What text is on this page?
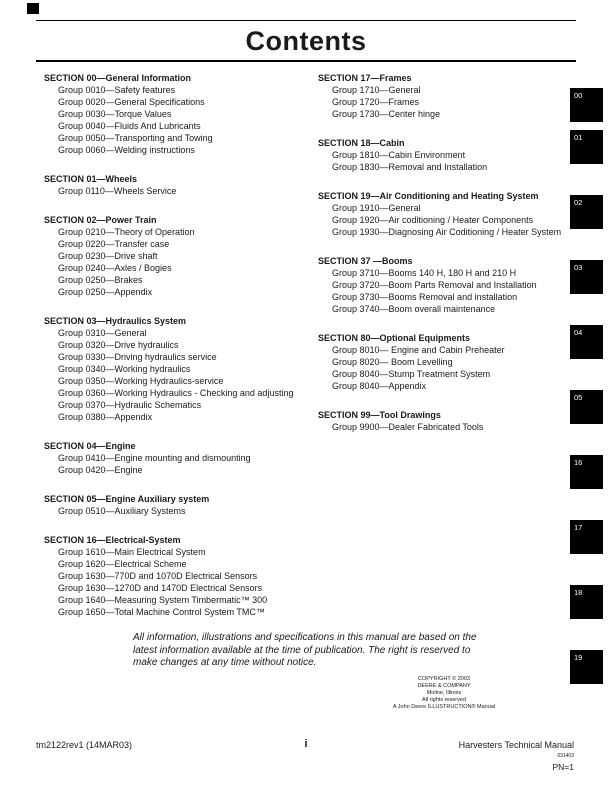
Contents
SECTION 00—General Information
Group 0010—Safety features
Group 0020—General Specifications
Group 0030—Torque Values
Group 0040—Fluids And Lubricants
Group 0050—Transporting and Towing
Group 0060—Welding instructions
SECTION 01—Wheels
Group 0110—Wheels Service
SECTION 02—Power Train
Group 0210—Theory of Operation
Group 0220—Transfer case
Group 0230—Drive shaft
Group 0240—Axles / Bogies
Group 0250—Brakes
Group 0250—Appendix
SECTION 03—Hydraulics System
Group 0310—General
Group 0320—Drive hydraulics
Group 0330—Driving hydraulics service
Group 0340—Working hydraulics
Group 0350—Working Hydraulics-service
Group 0360—Working Hydraulics - Checking and adjusting
Group 0370—Hydraulic Schematics
Group 0380—Appendix
SECTION 04—Engine
Group 0410—Engine mounting and dismounting
Group 0420—Engine
SECTION 05—Engine Auxiliary system
Group 0510—Auxiliary Systems
SECTION 16—Electrical-System
Group 1610—Main Electrical System
Group 1620—Electrical Scheme
Group 1630—770D and 1070D Electrical Sensors
Group 1630—1270D and 1470D Electrical Sensors
Group 1640—Measuring System Timbermatic™ 300
Group 1650—Total Machine Control System TMC™
SECTION 17—Frames
Group 1710—General
Group 1720—Frames
Group 1730—Center hinge
SECTION 18—Cabin
Group 1810—Cabin Environment
Group 1830—Removal and Installation
SECTION 19—Air Conditioning and Heating System
Group 1910—General
Group 1920—Air coditioning / Heater Components
Group 1930—Diagnosing Air Coditioning / Heater System
SECTION 37 —Booms
Group 3710—Booms 140 H, 180 H and 210 H
Group 3720—Boom Parts Removal and Installation
Group 3730—Booms Removal and installation
Group 3740—Boom overall maintenance
SECTION 80—Optional Equipments
Group 8010— Engine and Cabin Preheater
Group 8020— Boom Levelling
Group 8040—Stump Treatment System
Group 8040—Appendix
SECTION 99—Tool Drawings
Group 9900—Dealer Fabricated Tools
All information, illustrations and specifications in this manual are based on the latest information available at the time of publication. The right is reserved to make changes at any time without notice.
COPYRIGHT © 2003
DEERE & COMPANY
Moline, Illinois
All rights reserved
A John Deere ILLUSTRUCTION® Manual
tm2122rev1 (14MAR03)	i	Harvesters Technical Manual
031403
PN=1
00
01
02
03
04
05
16
17
18
19
